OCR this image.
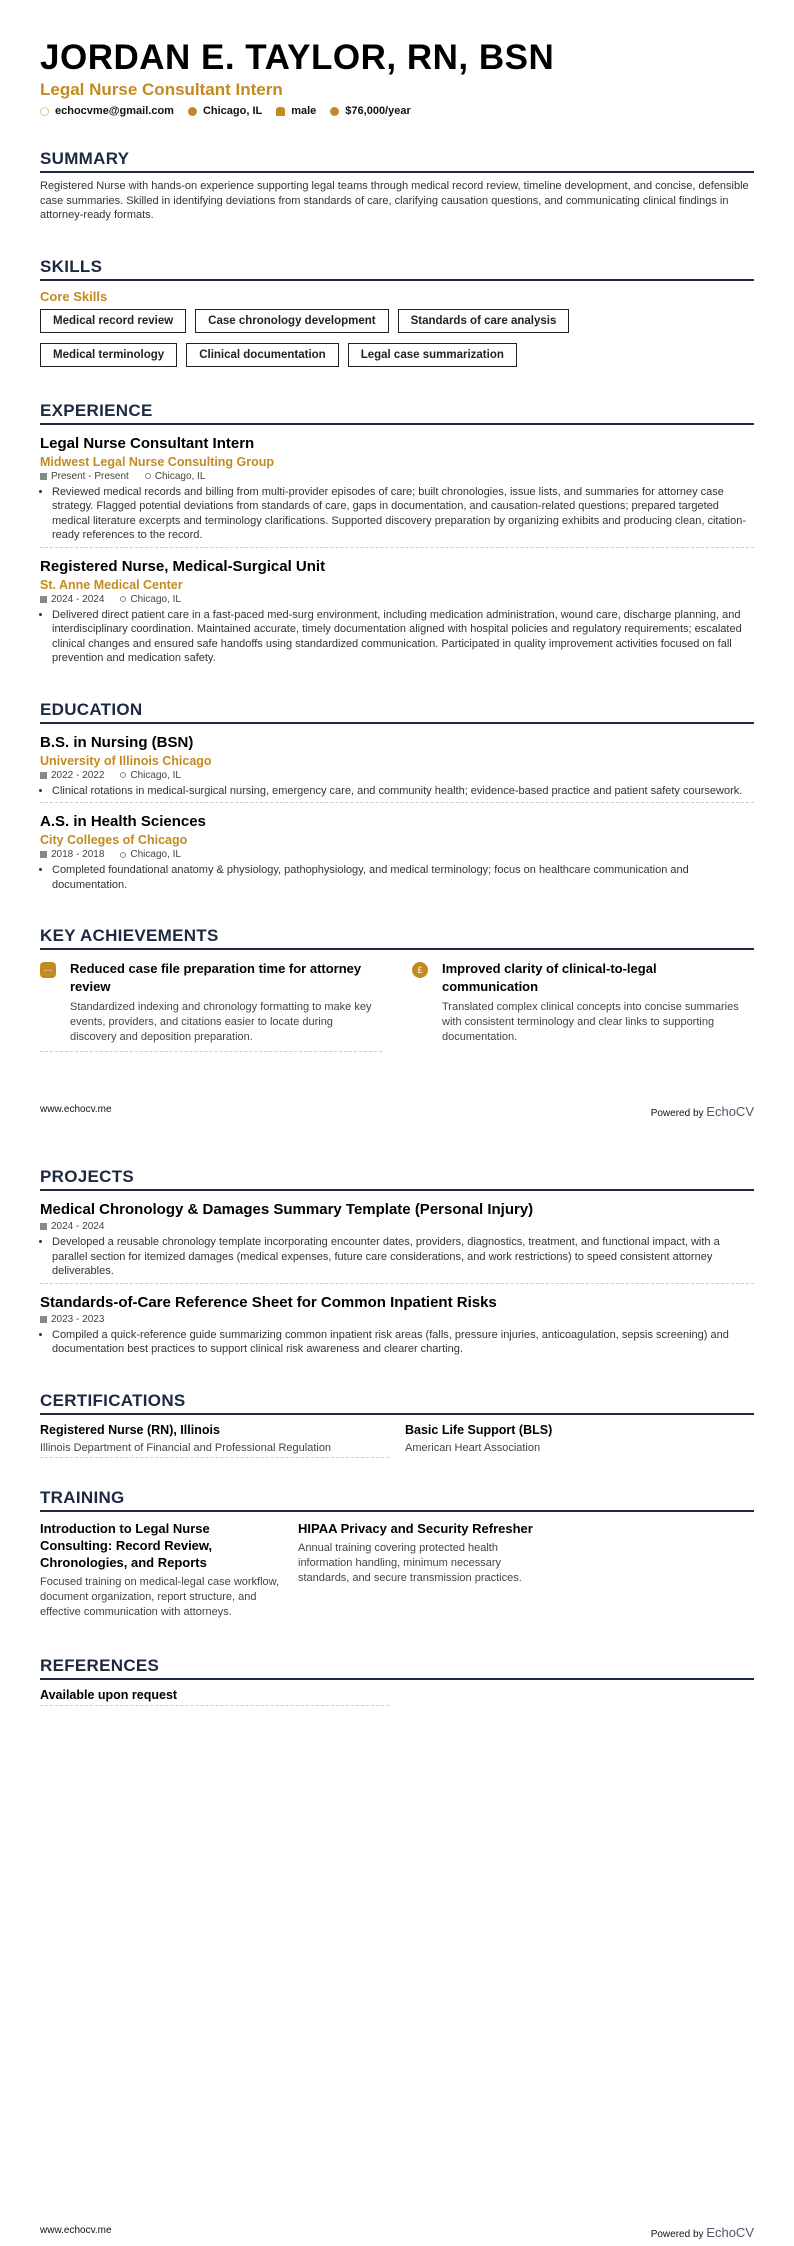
JORDAN E. TAYLOR, RN, BSN
Legal Nurse Consultant Intern
echocvme@gmail.com	Chicago, IL	male	$76,000/year
SUMMARY

Registered Nurse with hands-on experience supporting legal teams through medical record review, timeline development, and concise, defensible case summaries. Skilled in identifying deviations from standards of care, clarifying causation questions, and communicating clinical findings in attorney-ready formats.

SKILLS
Core Skills
Medical record review	Case chronology development	Standards of care analysis
Medical terminology	Clinical documentation	Legal case summarization
EXPERIENCE
Legal Nurse Consultant Intern
Midwest Legal Nurse Consulting Group
Present - Present	Chicago, IL
• Reviewed medical records and billing from multi-provider episodes of care; built chronologies, issue lists, and summaries for attorney case strategy. Flagged potential deviations from standards of care, gaps in documentation, and causation-related questions; prepared targeted medical literature excerpts and terminology clarifications. Supported discovery preparation by organizing exhibits and producing clean, citation-ready references to the record.
Registered Nurse, Medical-Surgical Unit
St. Anne Medical Center
2024 - 2024	Chicago, IL
• Delivered direct patient care in a fast-paced med-surg environment, including medication administration, wound care, discharge planning, and interdisciplinary coordination. Maintained accurate, timely documentation aligned with hospital policies and regulatory requirements; escalated clinical changes and ensured safe handoffs using standardized communication. Participated in quality improvement activities focused on fall prevention and medication safety.
EDUCATION
B.S. in Nursing (BSN)
University of Illinois Chicago
2022 - 2022	Chicago, IL
• Clinical rotations in medical-surgical nursing, emergency care, and community health; evidence-based practice and patient safety coursework.
A.S. in Health Sciences
City Colleges of Chicago
2018 - 2018	Chicago, IL
• Completed foundational anatomy & physiology, pathophysiology, and medical terminology; focus on healthcare communication and documentation.
KEY ACHIEVEMENTS
··· Reduced case file preparation time for attorney review
Standardized indexing and chronology formatting to make key events, providers, and citations easier to locate during discovery and deposition preparation.
£	Improved clarity of clinical-to-legal communication
Translated complex clinical concepts into concise summaries with consistent terminology and clear links to supporting documentation.
www.echocv.me	Powered by EchoCV
PROJECTS
Medical Chronology & Damages Summary Template (Personal Injury)
2024 - 2024
• Developed a reusable chronology template incorporating encounter dates, providers, diagnostics, treatment, and functional impact, with a parallel section for itemized damages (medical expenses, future care considerations, and work restrictions) to speed consistent attorney deliverables.
Standards-of-Care Reference Sheet for Common Inpatient Risks
2023 - 2023
• Compiled a quick-reference guide summarizing common inpatient risk areas (falls, pressure injuries, anticoagulation, sepsis screening) and documentation best practices to support clinical risk awareness and clearer charting.
CERTIFICATIONS
Registered Nurse (RN), Illinois
Illinois Department of Financial and Professional Regulation
Basic Life Support (BLS)
American Heart Association
TRAINING
Introduction to Legal Nurse Consulting: Record Review, Chronologies, and Reports
Focused training on medical-legal case workflow, document organization, report structure, and effective communication with attorneys.
HIPAA Privacy and Security Refresher
Annual training covering protected health information handling, minimum necessary standards, and secure transmission practices.
REFERENCES
Available upon request
www.echocv.me	Powered by EchoCV
